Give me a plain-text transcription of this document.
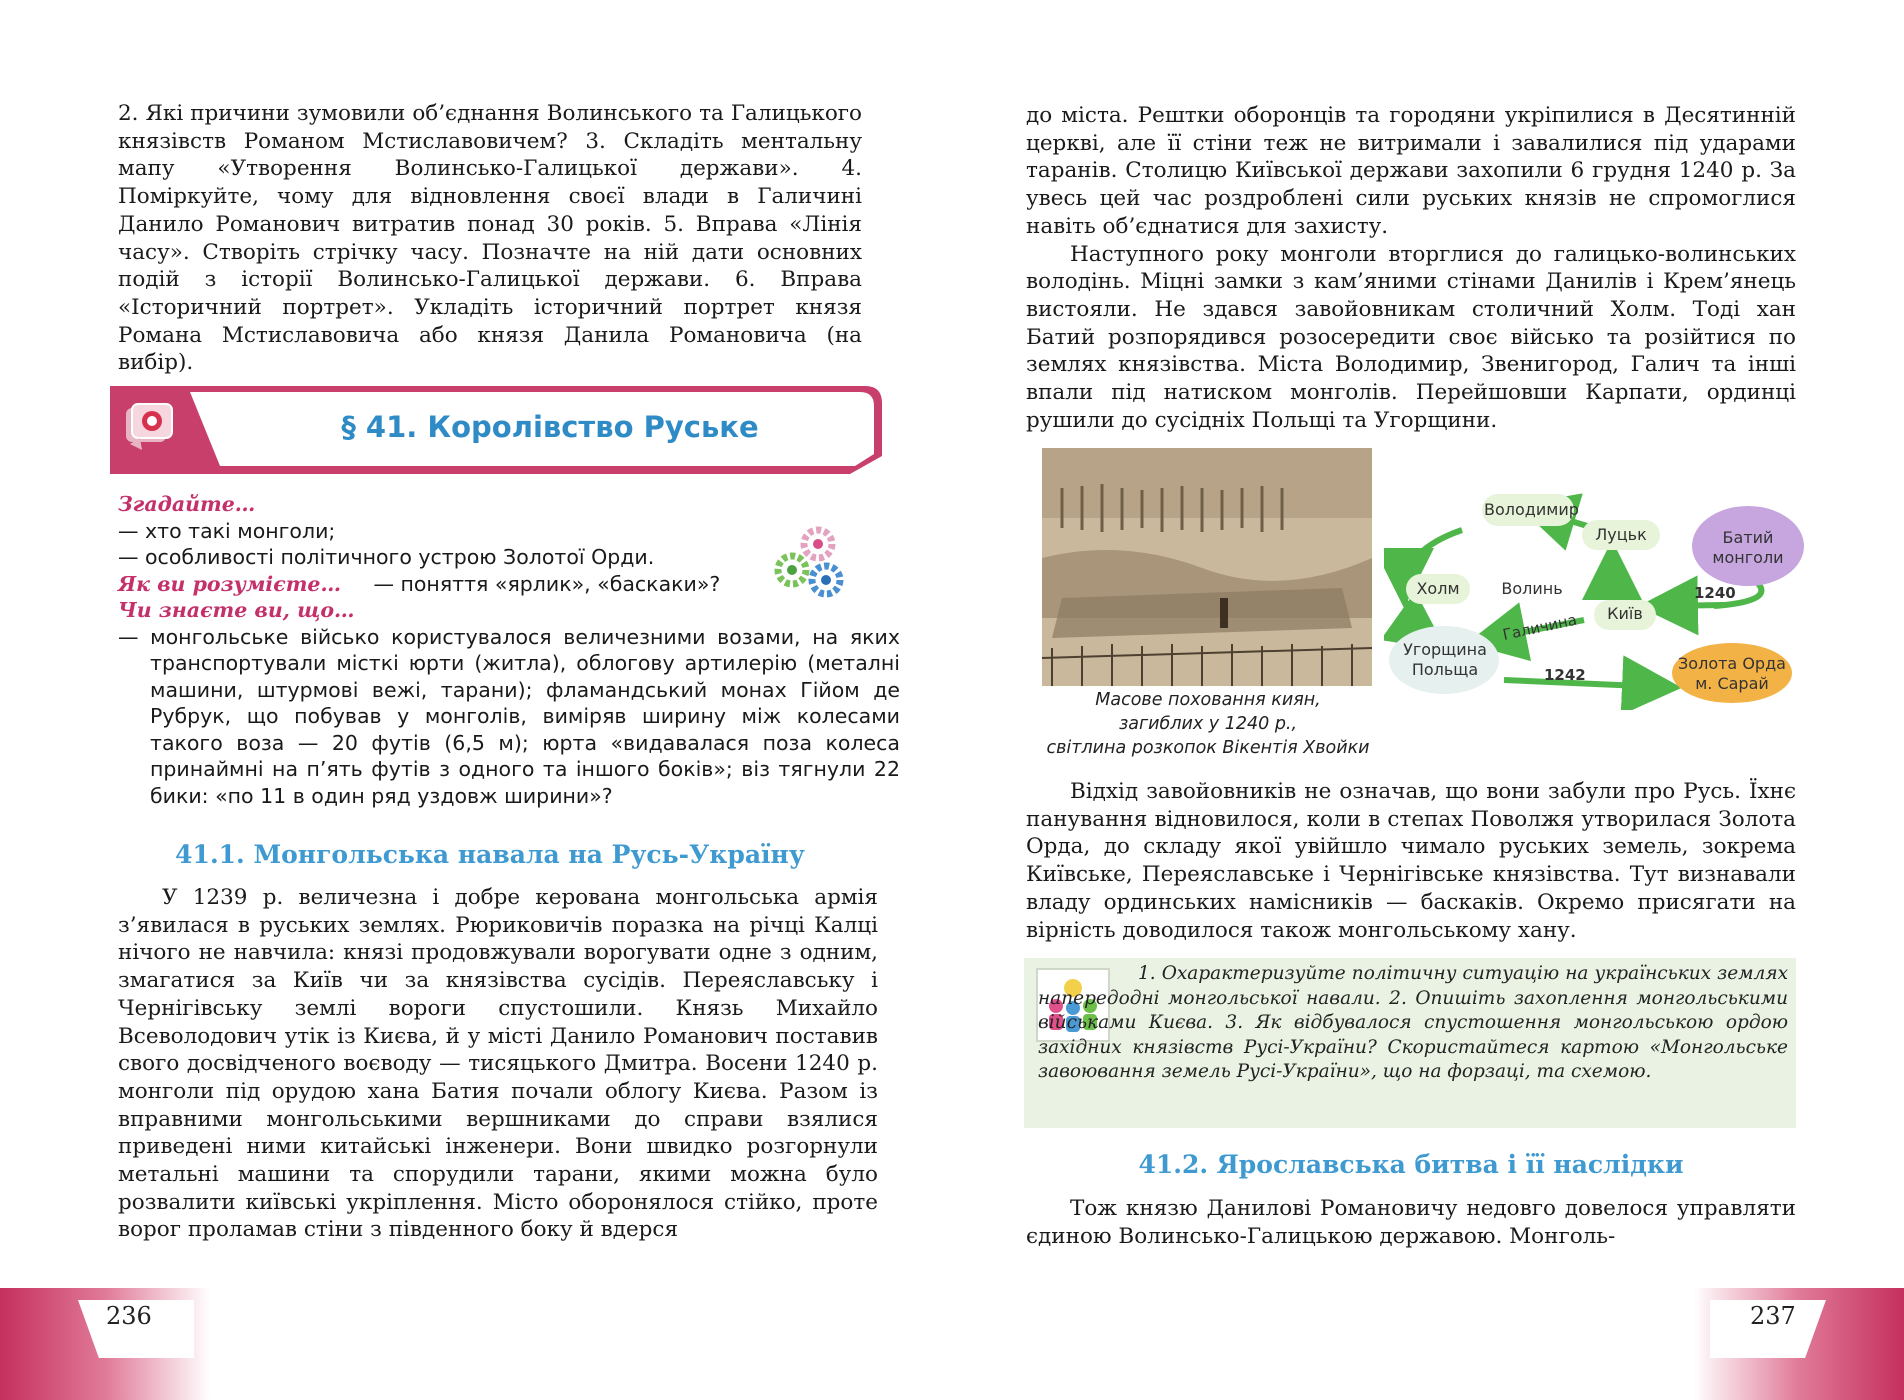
2. Які причини зумовили об’єднання Волинського та Галицького князівств Романом Мстиславовичем? 3. Складіть ментальну мапу «Утворення Волинсько-Галицької держави». 4. Поміркуйте, чому для відновлення своєї влади в Галичині Данило Романович витратив понад 30 років. 5. Вправа «Лінія часу». Створіть стрічку часу. Позначте на ній дати основних подій з історії Волинсько-Галицької держави. 6. Вправа «Історичний портрет». Укладіть історичний портрет князя Романа Мстиславовича або князя Данила Романовича (на вибір).

§ 41. Королівство Руське
Згадайте…
— хто такі монголи;
— особливості політичного устрою Золотої Орди.
Як ви розумієте… — поняття «ярлик», «баскаки»?
Чи знаєте ви, що…
— монгольське військо користувалося величезними возами, на яких транспортували місткі юрти (житла), облогову артилерію (металні машини, штурмові вежі, тарани); фламандський монах Гійом де Рубрук, що побував у монголів, виміряв ширину між колесами такого воза — 20 футів (6,5 м); юрта «видавалася поза колеса принаймні на п’ять футів з одного та іншого боків»; віз тягнули 22 бики: «по 11 в один ряд уздовж ширини»?
41.1. Монгольська навала на Русь-Україну

У 1239 р. величезна і добре керована монгольська армія з’явилася в руських землях. Рюриковичів поразка на річці Калці нічого не навчила: князі продовжували ворогувати одне з одним, змагатися за Київ чи за князівства сусідів. Переяславську і Чернігівську землі вороги спустошили. Князь Михайло Всеволодович утік із Києва, й у місті Данило Романович поставив свого досвідченого воєводу — тисяцького Дмитра. Восени 1240 р. монголи під орудою хана Батия почали облогу Києва. Разом із вправними монгольськими вершниками до справи взялися приведені ними китайські інженери. Вони швидко розгорнули метальні машини та спорудили тарани, якими можна було розвалити київські укріплення. Місто оборонялося стійко, проте ворог проламав стіни з південного боку й вдерся

236

до міста. Рештки оборонців та городяни укріпилися в Десятинній церкві, але її стіни теж не витримали і завалилися під ударами таранів. Столицю Київської держави захопили 6 грудня 1240 р. За увесь цей час роздроблені сили руських князів не спромоглися навіть об’єднатися для захисту.

Наступного року монголи вторглися до галицько-волинських володінь. Міцні замки з кам’яними стінами Данилів і Крем’янець вистояли. Не здався завойовникам столичний Холм. Тоді хан Батий розпорядився розосередити своє військо та розійтися по землях князівства. Міста Володимир, Звенигород, Галич та інші впали під натиском монголів. Перейшовши Карпати, ординці рушили до сусідніх Польщі та Угорщини.

Масове поховання киян,
загиблих у 1240 р.,
світлина розкопок Вікентія Хвойки
1240
1242
Галичина
Володимир
Луцьк
Холм	Волинь
Київ
Угорщина
Польща
Батий
монголи
Золота Орда
м. Сарай

Відхід завойовників не означав, що вони забули про Русь. Їхнє панування відновилося, коли в степах Поволжя утворилася Золота Орда, до складу якої увійшло чимало руських земель, зокрема Київське, Переяславське і Чернігівське князівства. Тут визнавали владу ординських намісників — баскаків. Окремо присягати на вірність доводилося також монгольському хану.

1. Охарактеризуйте політичну ситуацію на українських землях напередодні монгольської навали. 2. Опишіть захоплення монгольськими військами Києва. 3. Як відбувалося спустошення монгольською ордою західних князівств Русі-України? Скористайтеся картою «Монгольське завоювання земель Русі-України», що на форзаці, та схемою.
41.2. Ярославська битва і її наслідки

Тож князю Данилові Романовичу недовго довелося управляти єдиною Волинсько-Галицькою державою. Монголь-

237
